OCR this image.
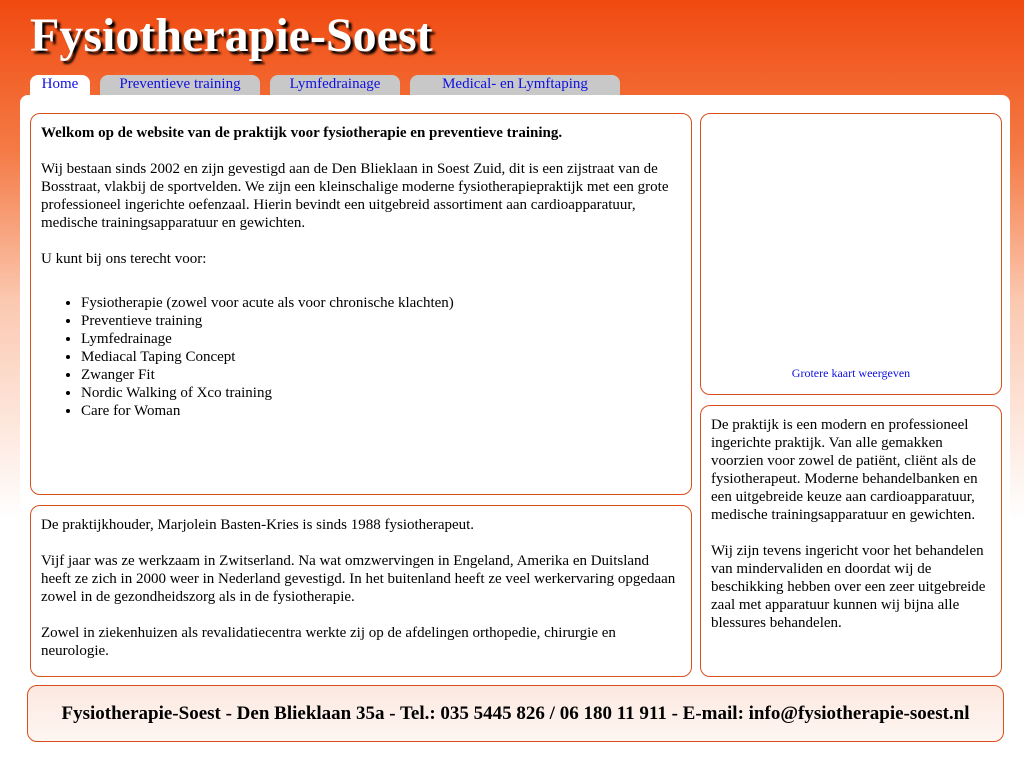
Fysiotherapie-Soest
Home	Preventieve training	Lymfedrainage	Medical- en Lymftaping

Welkom op de website van de praktijk voor fysiotherapie en preventieve training.

Wij bestaan sinds 2002 en zijn gevestigd aan de Den Blieklaan in Soest Zuid, dit is een zijstraat van de Bosstraat, vlakbij de sportvelden. We zijn een kleinschalige moderne fysiotherapiepraktijk met een grote professioneel ingerichte oefenzaal. Hierin bevindt een uitgebreid assortiment aan cardioapparatuur, medische trainingsapparatuur en gewichten.

U kunt bij ons terecht voor:

• Fysiotherapie (zowel voor acute als voor chronische klachten)
• Preventieve training
• Lymfedrainage
• Mediacal Taping Concept
• Zwanger Fit
• Nordic Walking of Xco training
• Care for Woman
Grotere kaart weergeven

De praktijk is een modern en professioneel ingerichte praktijk. Van alle gemakken voorzien voor zowel de patiënt, cliënt als de fysiotherapeut. Moderne behandelbanken en een uitgebreide keuze aan cardioapparatuur, medische trainingsapparatuur en gewichten.

Wij zijn tevens ingericht voor het behandelen van mindervaliden en doordat wij de beschikking hebben over een zeer uitgebreide zaal met apparatuur kunnen wij bijna alle blessures behandelen.

De praktijkhouder, Marjolein Basten-Kries is sinds 1988 fysiotherapeut.

Vijf jaar was ze werkzaam in Zwitserland. Na wat omzwervingen in Engeland, Amerika en Duitsland heeft ze zich in 2000 weer in Nederland gevestigd. In het buitenland heeft ze veel werkervaring opgedaan zowel in de gezondheidszorg als in de fysiotherapie.

Zowel in ziekenhuizen als revalidatiecentra werkte zij op de afdelingen orthopedie, chirurgie en neurologie.

Fysiotherapie-Soest - Den Blieklaan 35a - Tel.: 035 5445 826 / 06 180 11 911 - E-mail: info@fysiotherapie-soest.nl
